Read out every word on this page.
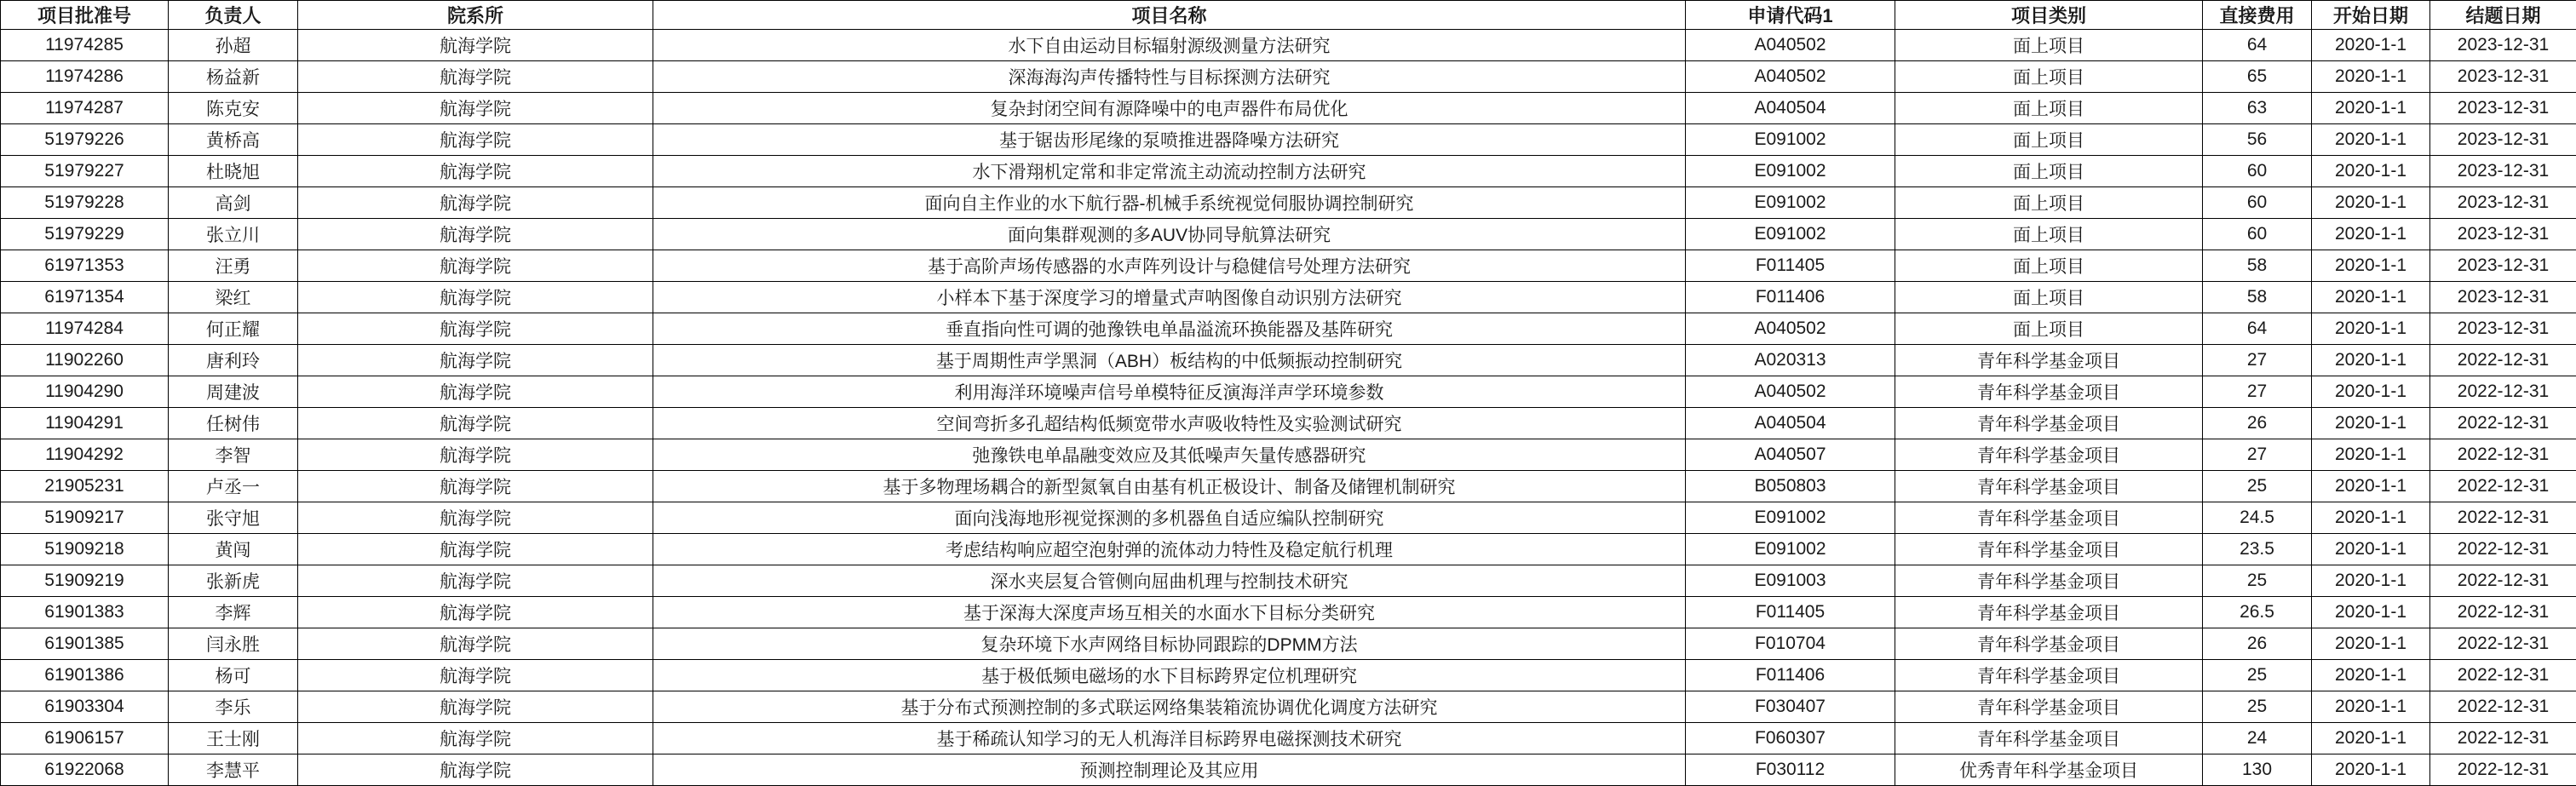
项目批准号	负责人	院系所	项目名称	申请代码1	项目类别	直接费用	开始日期	结题日期
11974285	孙超	航海学院	水下自由运动目标辐射源级测量方法研究	A040502	面上项目	64	2020-1-1	2023-12-31
11974286	杨益新	航海学院	深海海沟声传播特性与目标探测方法研究	A040502	面上项目	65	2020-1-1	2023-12-31
11974287	陈克安	航海学院	复杂封闭空间有源降噪中的电声器件布局优化	A040504	面上项目	63	2020-1-1	2023-12-31
51979226	黄桥高	航海学院	基于锯齿形尾缘的泵喷推进器降噪方法研究	E091002	面上项目	56	2020-1-1	2023-12-31
51979227	杜晓旭	航海学院	水下滑翔机定常和非定常流主动流动控制方法研究	E091002	面上项目	60	2020-1-1	2023-12-31
51979228	高剑	航海学院	面向自主作业的水下航行器-机械手系统视觉伺服协调控制研究	E091002	面上项目	60	2020-1-1	2023-12-31
51979229	张立川	航海学院	面向集群观测的多AUV协同导航算法研究	E091002	面上项目	60	2020-1-1	2023-12-31
61971353	汪勇	航海学院	基于高阶声场传感器的水声阵列设计与稳健信号处理方法研究	F011405	面上项目	58	2020-1-1	2023-12-31
61971354	梁红	航海学院	小样本下基于深度学习的增量式声呐图像自动识别方法研究	F011406	面上项目	58	2020-1-1	2023-12-31
11974284	何正耀	航海学院	垂直指向性可调的弛豫铁电单晶溢流环换能器及基阵研究	A040502	面上项目	64	2020-1-1	2023-12-31
11902260	唐利玲	航海学院	基于周期性声学黑洞（ABH）板结构的中低频振动控制研究	A020313	青年科学基金项目	27	2020-1-1	2022-12-31
11904290	周建波	航海学院	利用海洋环境噪声信号单模特征反演海洋声学环境参数	A040502	青年科学基金项目	27	2020-1-1	2022-12-31
11904291	任树伟	航海学院	空间弯折多孔超结构低频宽带水声吸收特性及实验测试研究	A040504	青年科学基金项目	26	2020-1-1	2022-12-31
11904292	李智	航海学院	弛豫铁电单晶融变效应及其低噪声矢量传感器研究	A040507	青年科学基金项目	27	2020-1-1	2022-12-31
21905231	卢丞一	航海学院	基于多物理场耦合的新型氮氧自由基有机正极设计、制备及储锂机制研究	B050803	青年科学基金项目	25	2020-1-1	2022-12-31
51909217	张守旭	航海学院	面向浅海地形视觉探测的多机器鱼自适应编队控制研究	E091002	青年科学基金项目	24.5	2020-1-1	2022-12-31
51909218	黄闯	航海学院	考虑结构响应超空泡射弹的流体动力特性及稳定航行机理	E091002	青年科学基金项目	23.5	2020-1-1	2022-12-31
51909219	张新虎	航海学院	深水夹层复合管侧向屈曲机理与控制技术研究	E091003	青年科学基金项目	25	2020-1-1	2022-12-31
61901383	李辉	航海学院	基于深海大深度声场互相关的水面水下目标分类研究	F011405	青年科学基金项目	26.5	2020-1-1	2022-12-31
61901385	闫永胜	航海学院	复杂环境下水声网络目标协同跟踪的DPMM方法	F010704	青年科学基金项目	26	2020-1-1	2022-12-31
61901386	杨可	航海学院	基于极低频电磁场的水下目标跨界定位机理研究	F011406	青年科学基金项目	25	2020-1-1	2022-12-31
61903304	李乐	航海学院	基于分布式预测控制的多式联运网络集装箱流协调优化调度方法研究	F030407	青年科学基金项目	25	2020-1-1	2022-12-31
61906157	王士刚	航海学院	基于稀疏认知学习的无人机海洋目标跨界电磁探测技术研究	F060307	青年科学基金项目	24	2020-1-1	2022-12-31
61922068	李慧平	航海学院	预测控制理论及其应用	F030112	优秀青年科学基金项目	130	2020-1-1	2022-12-31
